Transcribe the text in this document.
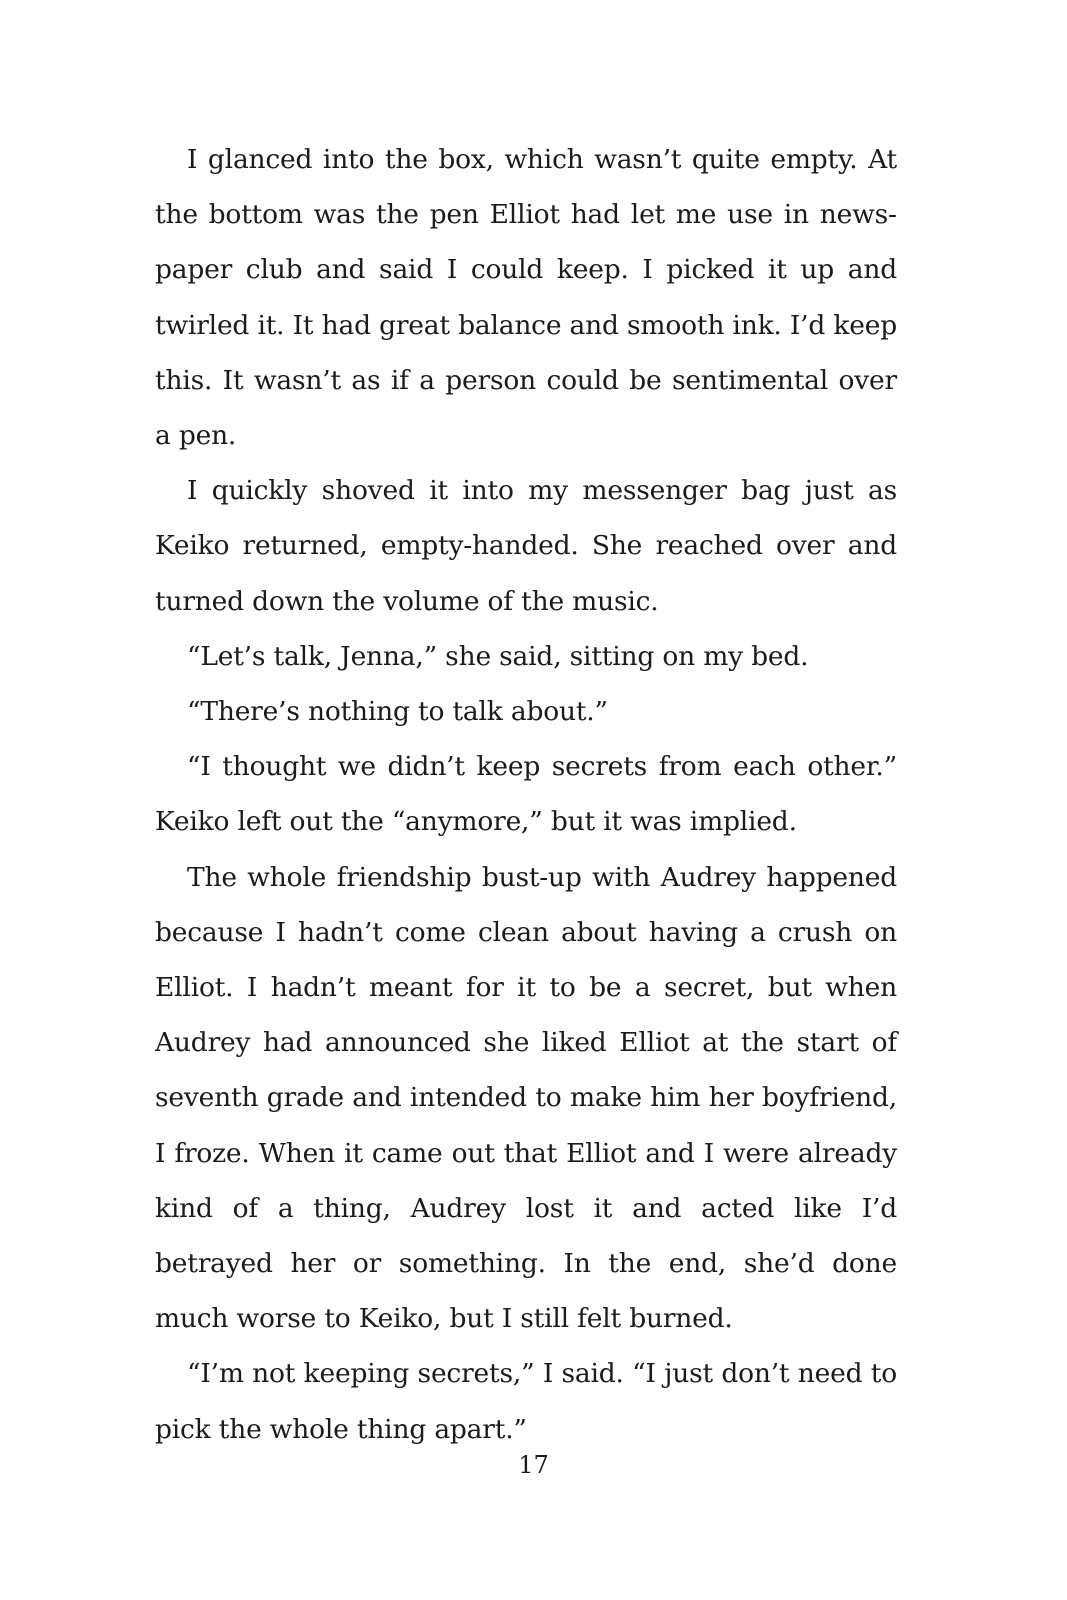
I glanced into the box, which wasn’t quite empty. At the bottom was the pen Elliot had let me use in newspaper club and said I could keep. I picked it up and twirled it. It had great balance and smooth ink. I’d keep this. It wasn’t as if a person could be sentimental over a pen.

I quickly shoved it into my messenger bag just as Keiko returned, empty-handed. She reached over and turned down the volume of the music.

“Let’s talk, Jenna,” she said, sitting on my bed.

“There’s nothing to talk about.”

“I thought we didn’t keep secrets from each other.” Keiko left out the “anymore,” but it was implied.

The whole friendship bust-up with Audrey happened because I hadn’t come clean about having a crush on Elliot. I hadn’t meant for it to be a secret, but when Audrey had announced she liked Elliot at the start of seventh grade and intended to make him her boyfriend, I froze. When it came out that Elliot and I were already kind of a thing, Audrey lost it and acted like I’d betrayed her or something. In the end, she’d done much worse to Keiko, but I still felt burned.

“I’m not keeping secrets,” I said. “I just don’t need to pick the whole thing apart.”

17
